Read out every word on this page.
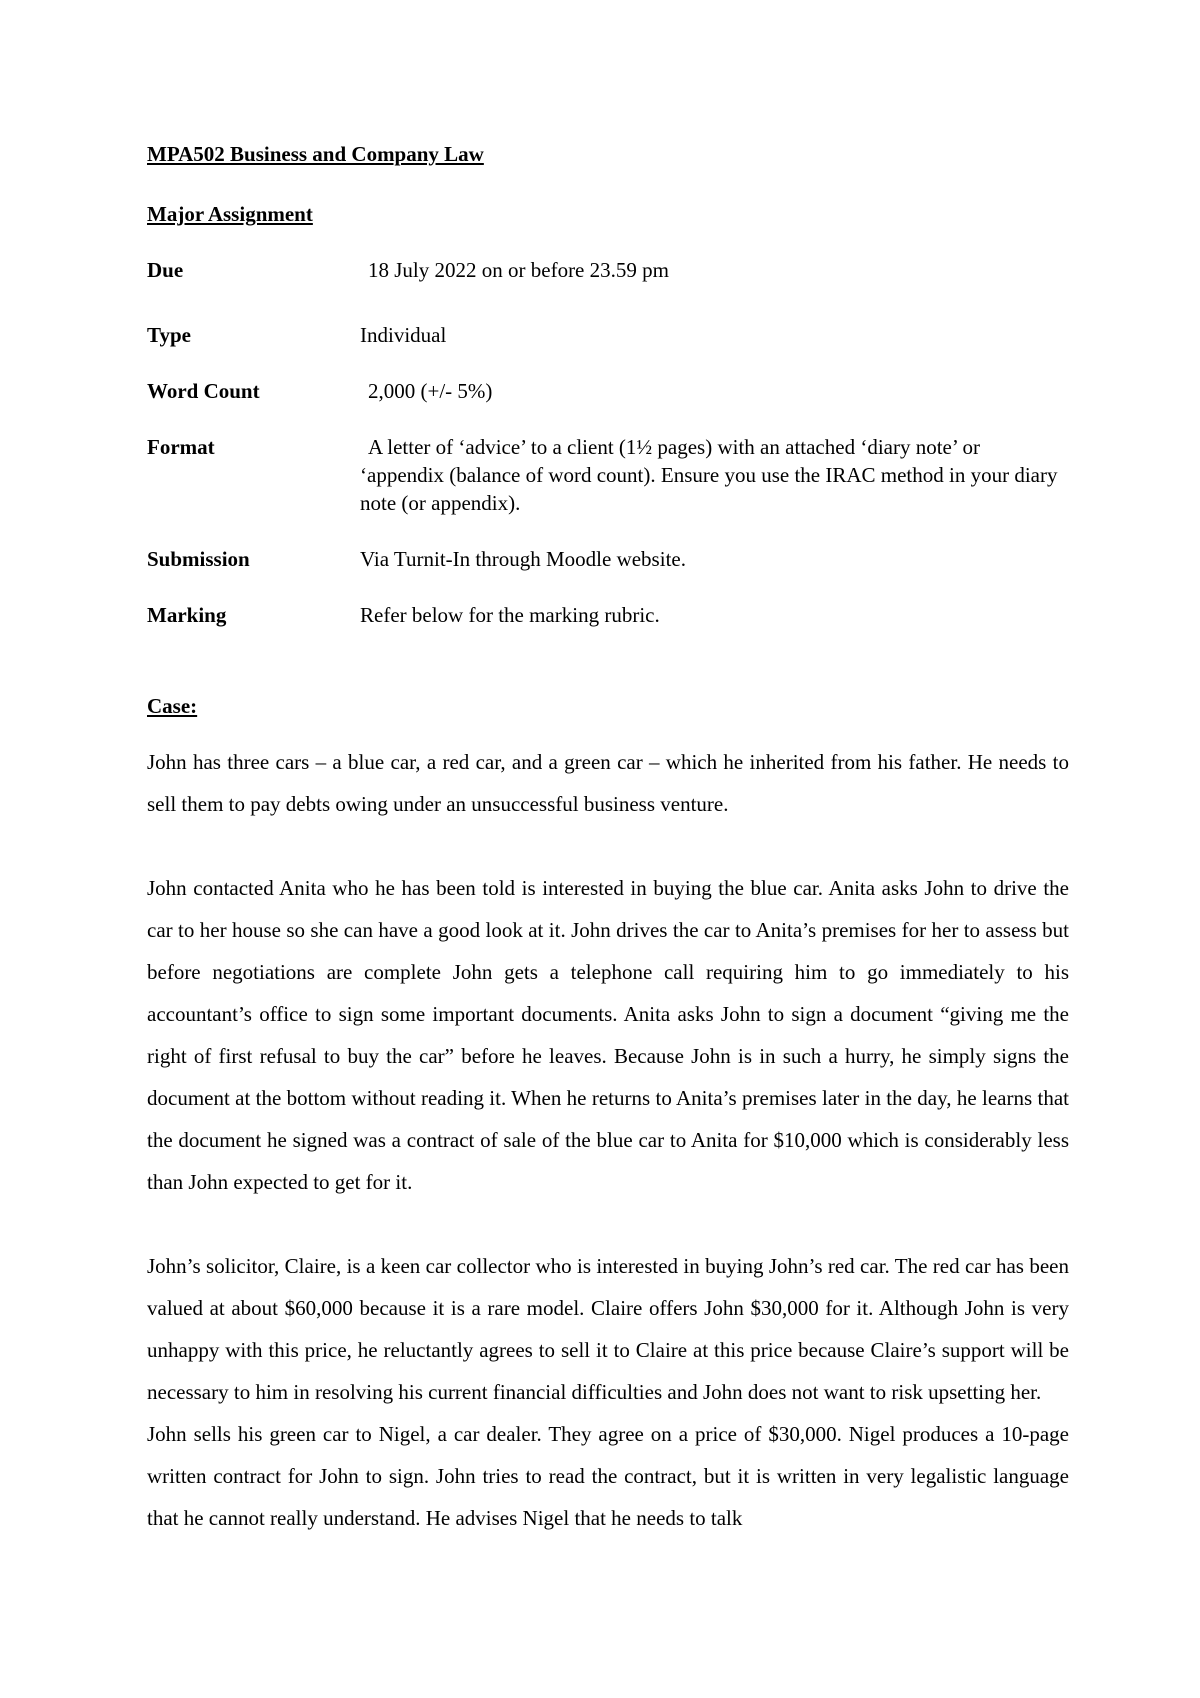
MPA502 Business and Company Law

Major Assignment

Due	18 July 2022 on or before 23.59 pm
Type	Individual
Word Count	2,000 (+/- 5%)
Format	A letter of ‘advice’ to a client (1½ pages) with an attached ‘diary note’ or ‘appendix (balance of word count). Ensure you use the IRAC method in your diary note (or appendix).
Submission	Via Turnit-In through Moodle website.
Marking	Refer below for the marking rubric.

Case:

John has three cars – a blue car, a red car, and a green car – which he inherited from his father. He needs to sell them to pay debts owing under an unsuccessful business venture.

John contacted Anita who he has been told is interested in buying the blue car. Anita asks John to drive the car to her house so she can have a good look at it. John drives the car to Anita’s premises for her to assess but before negotiations are complete John gets a telephone call requiring him to go immediately to his accountant’s office to sign some important documents. Anita asks John to sign a document “giving me the right of first refusal to buy the car” before he leaves. Because John is in such a hurry, he simply signs the document at the bottom without reading it. When he returns to Anita’s premises later in the day, he learns that the document he signed was a contract of sale of the blue car to Anita for $10,000 which is considerably less than John expected to get for it.

John’s solicitor, Claire, is a keen car collector who is interested in buying John’s red car. The red car has been valued at about $60,000 because it is a rare model. Claire offers John $30,000 for it. Although John is very unhappy with this price, he reluctantly agrees to sell it to Claire at this price because Claire’s support will be necessary to him in resolving his current financial difficulties and John does not want to risk upsetting her.

John sells his green car to Nigel, a car dealer. They agree on a price of $30,000. Nigel produces a 10-page written contract for John to sign. John tries to read the contract, but it is written in very legalistic language that he cannot really understand. He advises Nigel that he needs to talk
